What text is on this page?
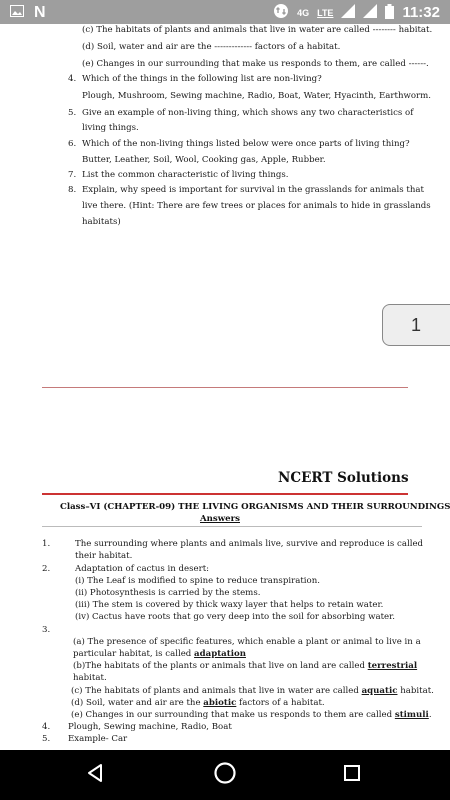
N	4G LTE	11:32
(c) The habitats of plants and animals that live in water are called -------- habitat.
(d) Soil, water and air are the ------------- factors of a habitat.
(e) Changes in our surrounding that make us responds to them, are called ------.
4. Which of the things in the following list are non-living?
Plough, Mushroom, Sewing machine, Radio, Boat, Water, Hyacinth, Earthworm.
5. Give an example of non-living thing, which shows any two characteristics of
living things.
6. Which of the non-living things listed below were once parts of living thing?
Butter, Leather, Soil, Wool, Cooking gas, Apple, Rubber.
7. List the common characteristic of living things.
8. Explain, why speed is important for survival in the grasslands for animals that
live there. (Hint: There are few trees or places for animals to hide in grasslands
habitats)
NCERT Solutions
Class–VI (CHAPTER-09) THE LIVING ORGANISMS AND THEIR SURROUNDINGS
Answers
1.	The surrounding where plants and animals live, survive and reproduce is called
their habitat.
2.	Adaptation of cactus in desert:
(i) The Leaf is modified to spine to reduce transpiration.
(ii) Photosynthesis is carried by the stems.
(iii) The stem is covered by thick waxy layer that helps to retain water.
(iv) Cactus have roots that go very deep into the soil for absorbing water.
3.
(a) The presence of specific features, which enable a plant or animal to live in a
particular habitat, is called adaptation
(b)The habitats of the plants or animals that live on land are called terrestrial
habitat.
(c) The habitats of plants and animals that live in water are called aquatic habitat.
(d) Soil, water and air are the abiotic factors of a habitat.
(e) Changes in our surrounding that make us responds to them are called stimuli.
4. Plough, Sewing machine, Radio, Boat
5. Example- Car
1
